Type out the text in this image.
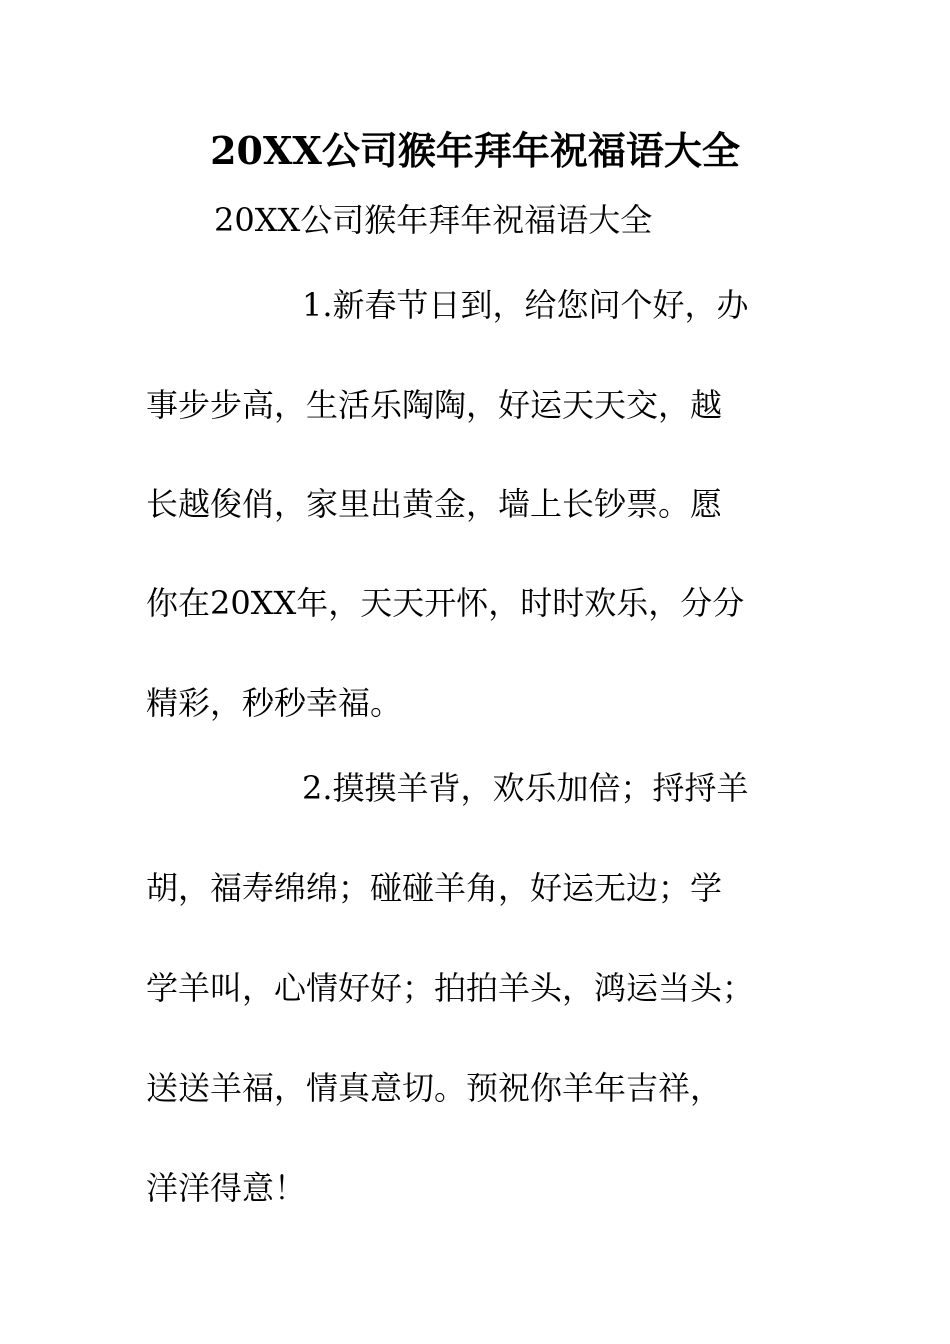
20XX公司猴年拜年祝福语大全
20XX公司猴年拜年祝福语大全
1.新春节日到，给您问个好，办
事步步高，生活乐陶陶，好运天天交，越
长越俊俏，家里出黄金，墙上长钞票。愿
你在20XX年，天天开怀，时时欢乐，分分
精彩，秒秒幸福。
2.摸摸羊背，欢乐加倍；捋捋羊
胡，福寿绵绵；碰碰羊角，好运无边；学
学羊叫，心情好好；拍拍羊头，鸿运当头；
送送羊福，情真意切。预祝你羊年吉祥，
洋洋得意！
